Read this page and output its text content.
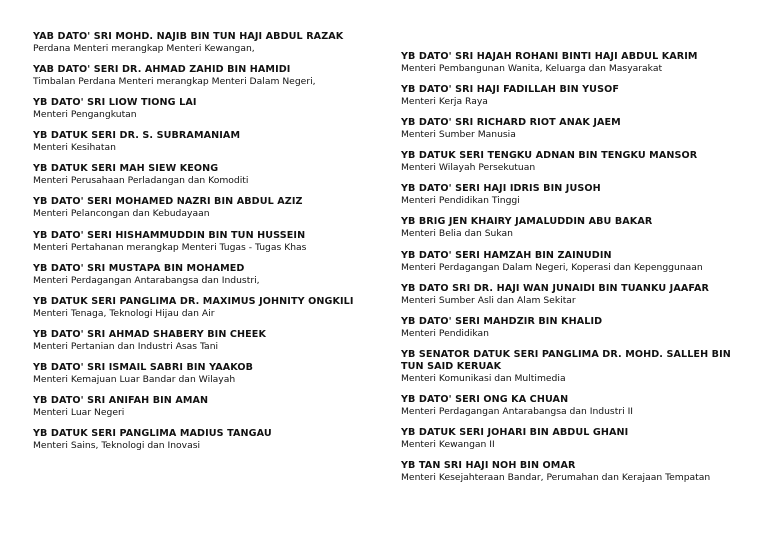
YAB DATO' SRI MOHD. NAJIB BIN TUN HAJI ABDUL RAZAK
Perdana Menteri merangkap Menteri Kewangan,
YAB DATO' SERI DR. AHMAD ZAHID BIN HAMIDI
Timbalan Perdana Menteri merangkap Menteri Dalam Negeri,
YB DATO' SRI LIOW TIONG LAI
Menteri Pengangkutan
YB DATUK SERI DR. S. SUBRAMANIAM
Menteri Kesihatan
YB DATUK SERI MAH SIEW KEONG
Menteri Perusahaan Perladangan dan Komoditi
YB DATO' SERI MOHAMED NAZRI BIN ABDUL AZIZ
Menteri Pelancongan dan Kebudayaan
YB DATO' SERI HISHAMMUDDIN BIN TUN HUSSEIN
Menteri Pertahanan merangkap Menteri Tugas - Tugas Khas
YB DATO' SRI MUSTAPA BIN MOHAMED
Menteri Perdagangan Antarabangsa dan Industri,
YB DATUK SERI PANGLIMA DR. MAXIMUS JOHNITY ONGKILI
Menteri Tenaga, Teknologi Hijau dan Air
YB DATO' SRI AHMAD SHABERY BIN CHEEK
Menteri Pertanian dan Industri Asas Tani
YB DATO' SRI ISMAIL SABRI BIN YAAKOB
Menteri Kemajuan Luar Bandar dan Wilayah
YB DATO' SRI ANIFAH BIN AMAN
Menteri Luar Negeri
YB DATUK SERI PANGLIMA MADIUS TANGAU
Menteri Sains, Teknologi dan Inovasi
YB DATO' SRI HAJAH ROHANI BINTI HAJI ABDUL KARIM
Menteri Pembangunan Wanita, Keluarga dan Masyarakat
YB DATO' SRI HAJI FADILLAH BIN YUSOF
Menteri Kerja Raya
YB DATO' SRI RICHARD RIOT ANAK JAEM
Menteri Sumber Manusia
YB DATUK SERI TENGKU ADNAN BIN TENGKU MANSOR
Menteri Wilayah Persekutuan
YB DATO' SERI HAJI IDRIS BIN JUSOH
Menteri Pendidikan Tinggi
YB BRIG JEN KHAIRY JAMALUDDIN ABU BAKAR
Menteri Belia dan Sukan
YB DATO' SERI HAMZAH BIN ZAINUDIN
Menteri Perdagangan Dalam Negeri, Koperasi dan Kepenggunaan
YB DATO SRI DR. HAJI WAN JUNAIDI BIN TUANKU JAAFAR
Menteri Sumber Asli dan Alam Sekitar
YB DATO' SERI MAHDZIR BIN KHALID
Menteri Pendidikan
YB SENATOR DATUK SERI PANGLIMA DR. MOHD. SALLEH BIN TUN SAID KERUAK
Menteri Komunikasi dan Multimedia
YB DATO' SERI ONG KA CHUAN
Menteri Perdagangan Antarabangsa dan Industri II
YB DATUK SERI JOHARI BIN ABDUL GHANI
Menteri Kewangan II
YB TAN SRI HAJI NOH BIN OMAR
Menteri Kesejahteraan Bandar, Perumahan dan Kerajaan Tempatan
